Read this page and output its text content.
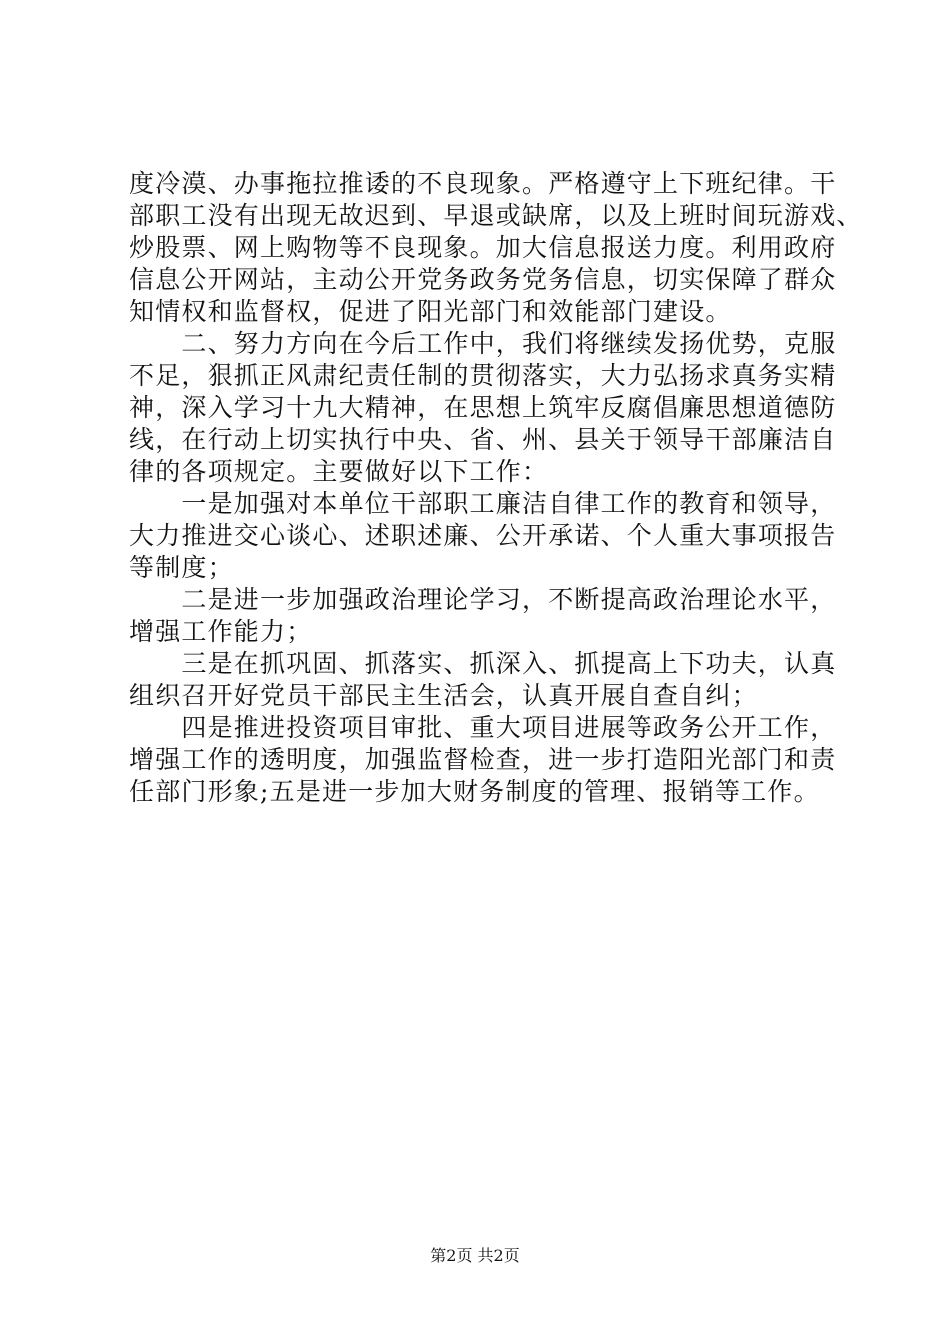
度冷漠、办事拖拉推诿的不良现象。严格遵守上下班纪律。干
部职工没有出现无故迟到、早退或缺席，以及上班时间玩游戏、
炒股票、网上购物等不良现象。加大信息报送力度。利用政府
信息公开网站，主动公开党务政务党务信息，切实保障了群众
知情权和监督权，促进了阳光部门和效能部门建设。
　　二、努力方向在今后工作中，我们将继续发扬优势，克服
不足，狠抓正风肃纪责任制的贯彻落实，大力弘扬求真务实精
神，深入学习十九大精神，在思想上筑牢反腐倡廉思想道德防
线，在行动上切实执行中央、省、州、县关于领导干部廉洁自
律的各项规定。主要做好以下工作：
　　一是加强对本单位干部职工廉洁自律工作的教育和领导，
大力推进交心谈心、述职述廉、公开承诺、个人重大事项报告
等制度；
　　二是进一步加强政治理论学习，不断提高政治理论水平，
增强工作能力；
　　三是在抓巩固、抓落实、抓深入、抓提高上下功夫，认真
组织召开好党员干部民主生活会，认真开展自查自纠；
　　四是推进投资项目审批、重大项目进展等政务公开工作，
增强工作的透明度，加强监督检查，进一步打造阳光部门和责
任部门形象;五是进一步加大财务制度的管理、报销等工作。
第2页 共2页
